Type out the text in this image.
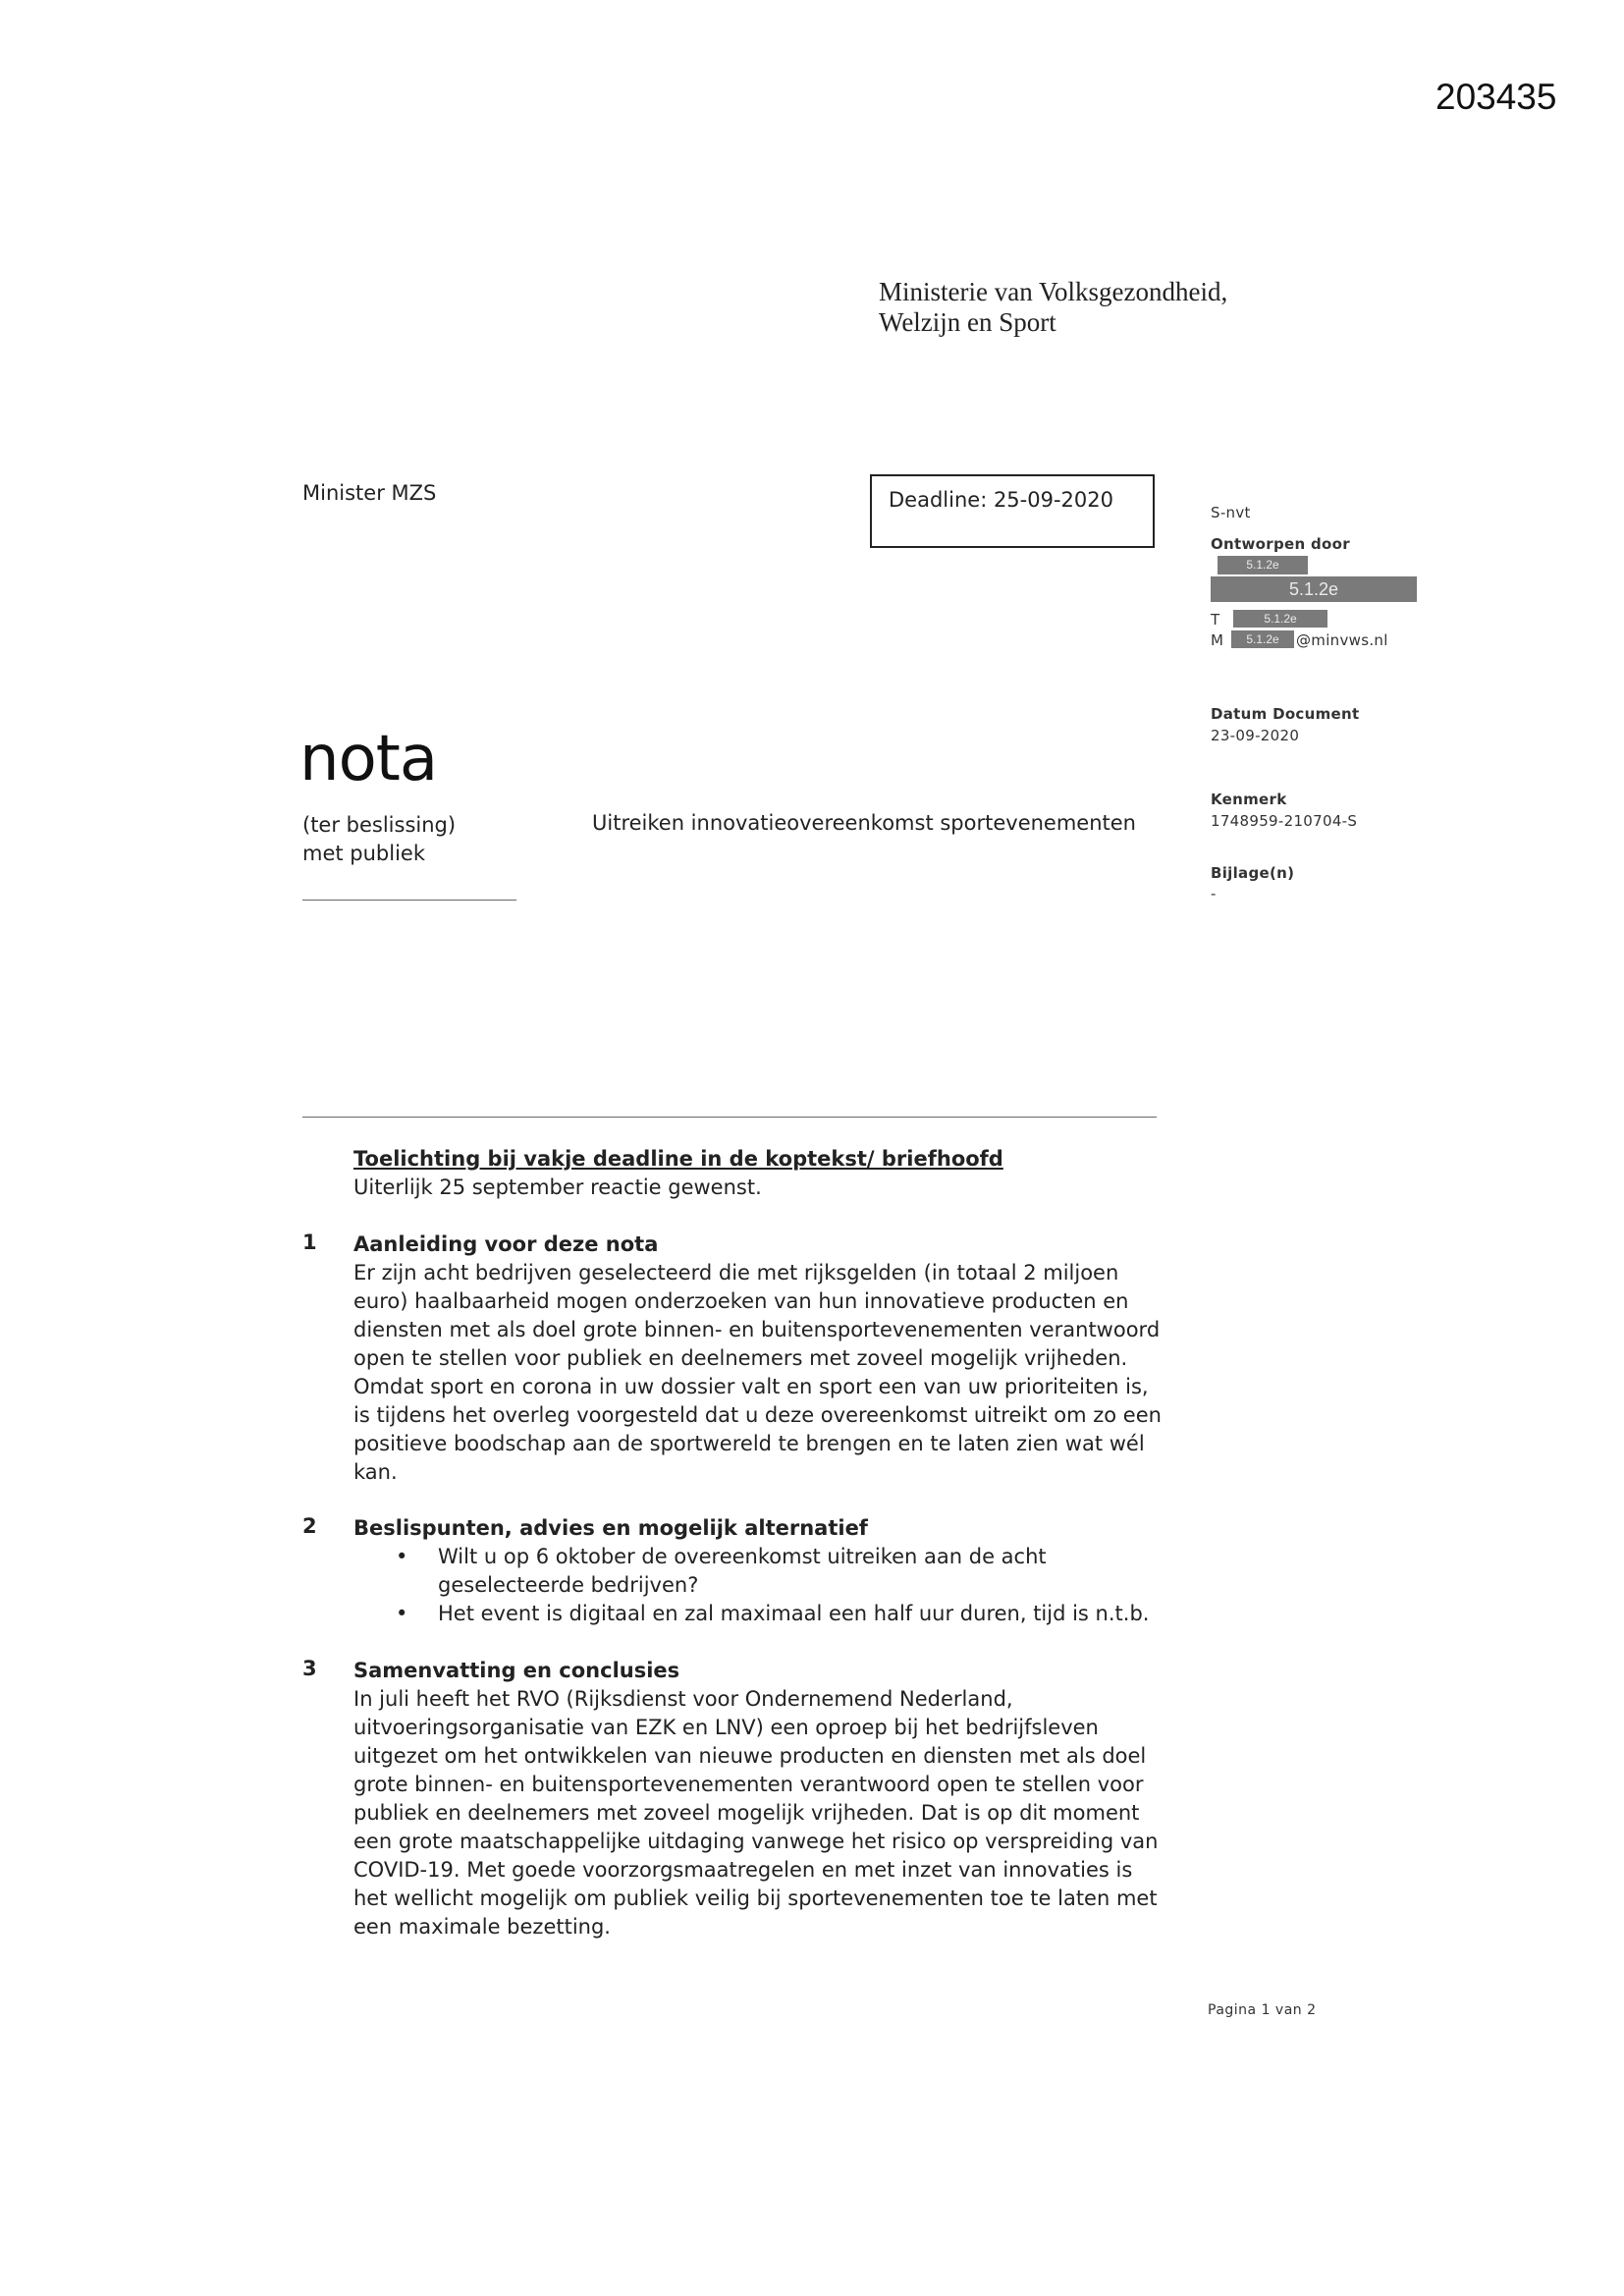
203435
Ministerie van Volksgezondheid,
Welzijn en Sport
Minister MZS	Deadline: 25-09-2020
S-nvt
Ontworpen door
5.1.2e
5.1.2e
T	5.1.2e
M	5.1.2e	@minvws.nl
Datum Document
23-09-2020
Kenmerk
1748959-210704-S
Bijlage(n)
-
nota
(ter beslissing)
met publiek
Uitreiken innovatieovereenkomst sportevenementen
Toelichting bij vakje deadline in de koptekst/ briefhoofd
Uiterlijk 25 september reactie gewenst.
1 Aanleiding voor deze nota
Er zijn acht bedrijven geselecteerd die met rijksgelden (in totaal 2 miljoen
euro) haalbaarheid mogen onderzoeken van hun innovatieve producten en
diensten met als doel grote binnen- en buitensportevenementen verantwoord
open te stellen voor publiek en deelnemers met zoveel mogelijk vrijheden.
Omdat sport en corona in uw dossier valt en sport een van uw prioriteiten is,
is tijdens het overleg voorgesteld dat u deze overeenkomst uitreikt om zo een
positieve boodschap aan de sportwereld te brengen en te laten zien wat wél
kan.
2 Beslispunten, advies en mogelijk alternatief
• Wilt u op 6 oktober de overeenkomst uitreiken aan de acht
geselecteerde bedrijven?
• Het event is digitaal en zal maximaal een half uur duren, tijd is n.t.b.
3 Samenvatting en conclusies
In juli heeft het RVO (Rijksdienst voor Ondernemend Nederland,
uitvoeringsorganisatie van EZK en LNV) een oproep bij het bedrijfsleven
uitgezet om het ontwikkelen van nieuwe producten en diensten met als doel
grote binnen- en buitensportevenementen verantwoord open te stellen voor
publiek en deelnemers met zoveel mogelijk vrijheden. Dat is op dit moment
een grote maatschappelijke uitdaging vanwege het risico op verspreiding van
COVID-19. Met goede voorzorgsmaatregelen en met inzet van innovaties is
het wellicht mogelijk om publiek veilig bij sportevenementen toe te laten met
een maximale bezetting.
Pagina 1 van 2
